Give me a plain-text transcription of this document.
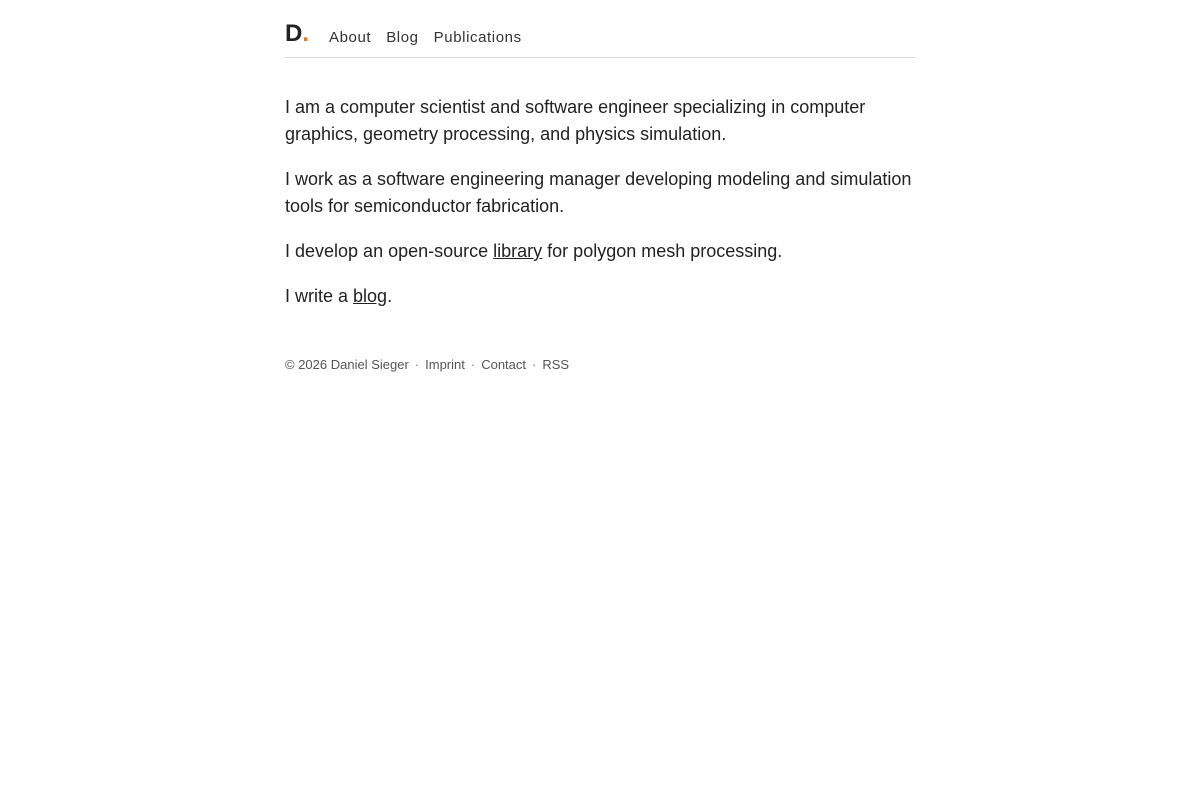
D. About Blog Publications

I am a computer scientist and software engineer specializing in computer graphics, geometry processing, and physics simulation.

I work as a software engineering manager developing modeling and simulation tools for semiconductor fabrication.

I develop an open-source library for polygon mesh processing.

I write a blog.

© 2026 Daniel Sieger · Imprint · Contact · RSS
